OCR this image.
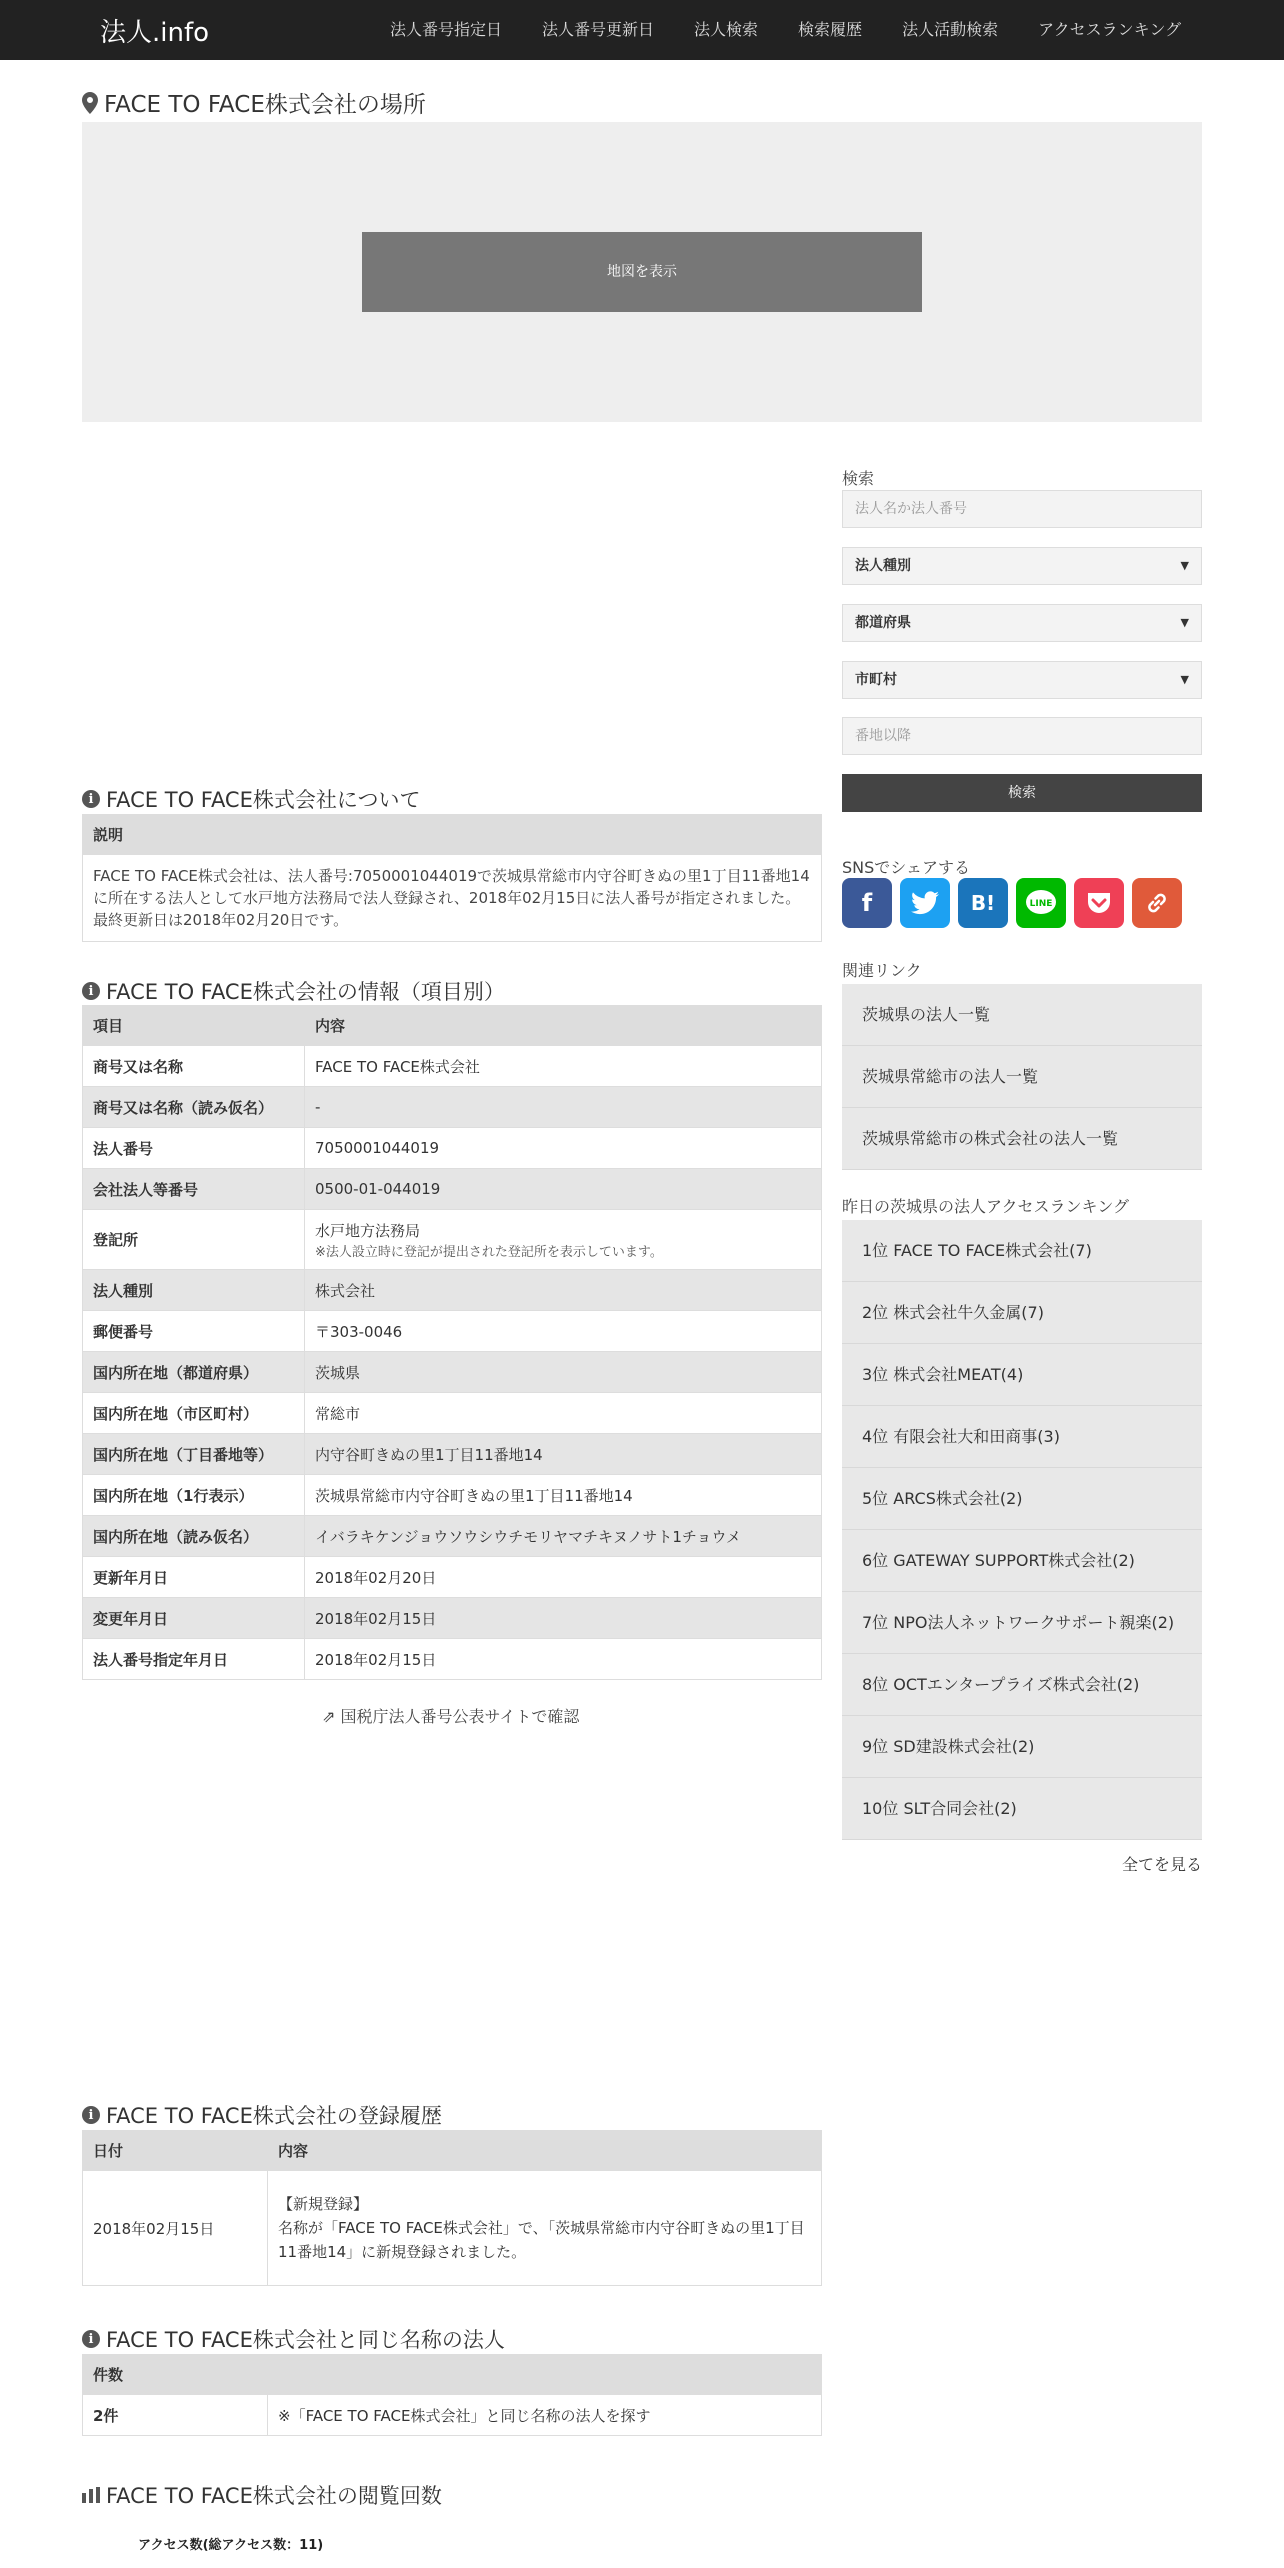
法人.info	法人番号指定日	法人番号更新日	法人検索	検索履歴	法人活動検索	アクセスランキング
FACE TO FACE株式会社の場所
地図を表示
検索
法人名か法人番号
法人種別	▼
都道府県	▼
市町村	▼
番地以降
検索
SNSでシェアする
f	B!	LINE
関連リンク
茨城県の法人一覧
茨城県常総市の法人一覧
茨城県常総市の株式会社の法人一覧
昨日の茨城県の法人アクセスランキング
1位 FACE TO FACE株式会社(7)
2位 株式会社牛久金属(7)
3位 株式会社MEAT(4)
4位 有限会社大和田商事(3)
5位 ARCS株式会社(2)
6位 GATEWAY SUPPORT株式会社(2)
7位 NPO法人ネットワークサポート親楽(2)
8位 OCTエンタープライズ株式会社(2)
9位 SD建設株式会社(2)
10位 SLT合同会社(2)
全てを見る
i FACE TO FACE株式会社について
説明
FACE TO FACE株式会社は、法人番号:7050001044019で茨城県常総市内守谷町きぬの里1丁目11番地14に所在する法人として水戸地方法務局で法人登録され、2018年02月15日に法人番号が指定されました。最終更新日は2018年02月20日です。
i FACE TO FACE株式会社の情報（項目別）
項目	内容
商号又は名称	FACE TO FACE株式会社
商号又は名称（読み仮名）	-
法人番号	7050001044019
会社法人等番号	0500-01-044019
登記所	水戸地方法務局
※法人設立時に登記が提出された登記所を表示しています。

法人種別	株式会社
郵便番号	〒303-0046
国内所在地（都道府県）	茨城県
国内所在地（市区町村）	常総市
国内所在地（丁目番地等）	内守谷町きぬの里1丁目11番地14
国内所在地（1行表示）	茨城県常総市内守谷町きぬの里1丁目11番地14
国内所在地（読み仮名）	イバラキケンジョウソウシウチモリヤマチキヌノサト1チョウメ
更新年月日	2018年02月20日
変更年月日	2018年02月15日
法人番号指定年月日	2018年02月15日
⇗ 国税庁法人番号公表サイトで確認
i FACE TO FACE株式会社の登録履歴
日付	内容
2018年02月15日	【新規登録】
名称が「FACE TO FACE株式会社」で、「茨城県常総市内守谷町きぬの里1丁目11番地14」に新規登録されました。
i FACE TO FACE株式会社と同じ名称の法人
件数
2件	※「FACE TO FACE株式会社」と同じ名称の法人を探す
FACE TO FACE株式会社の閲覧回数
アクセス数(総アクセス数：11)
